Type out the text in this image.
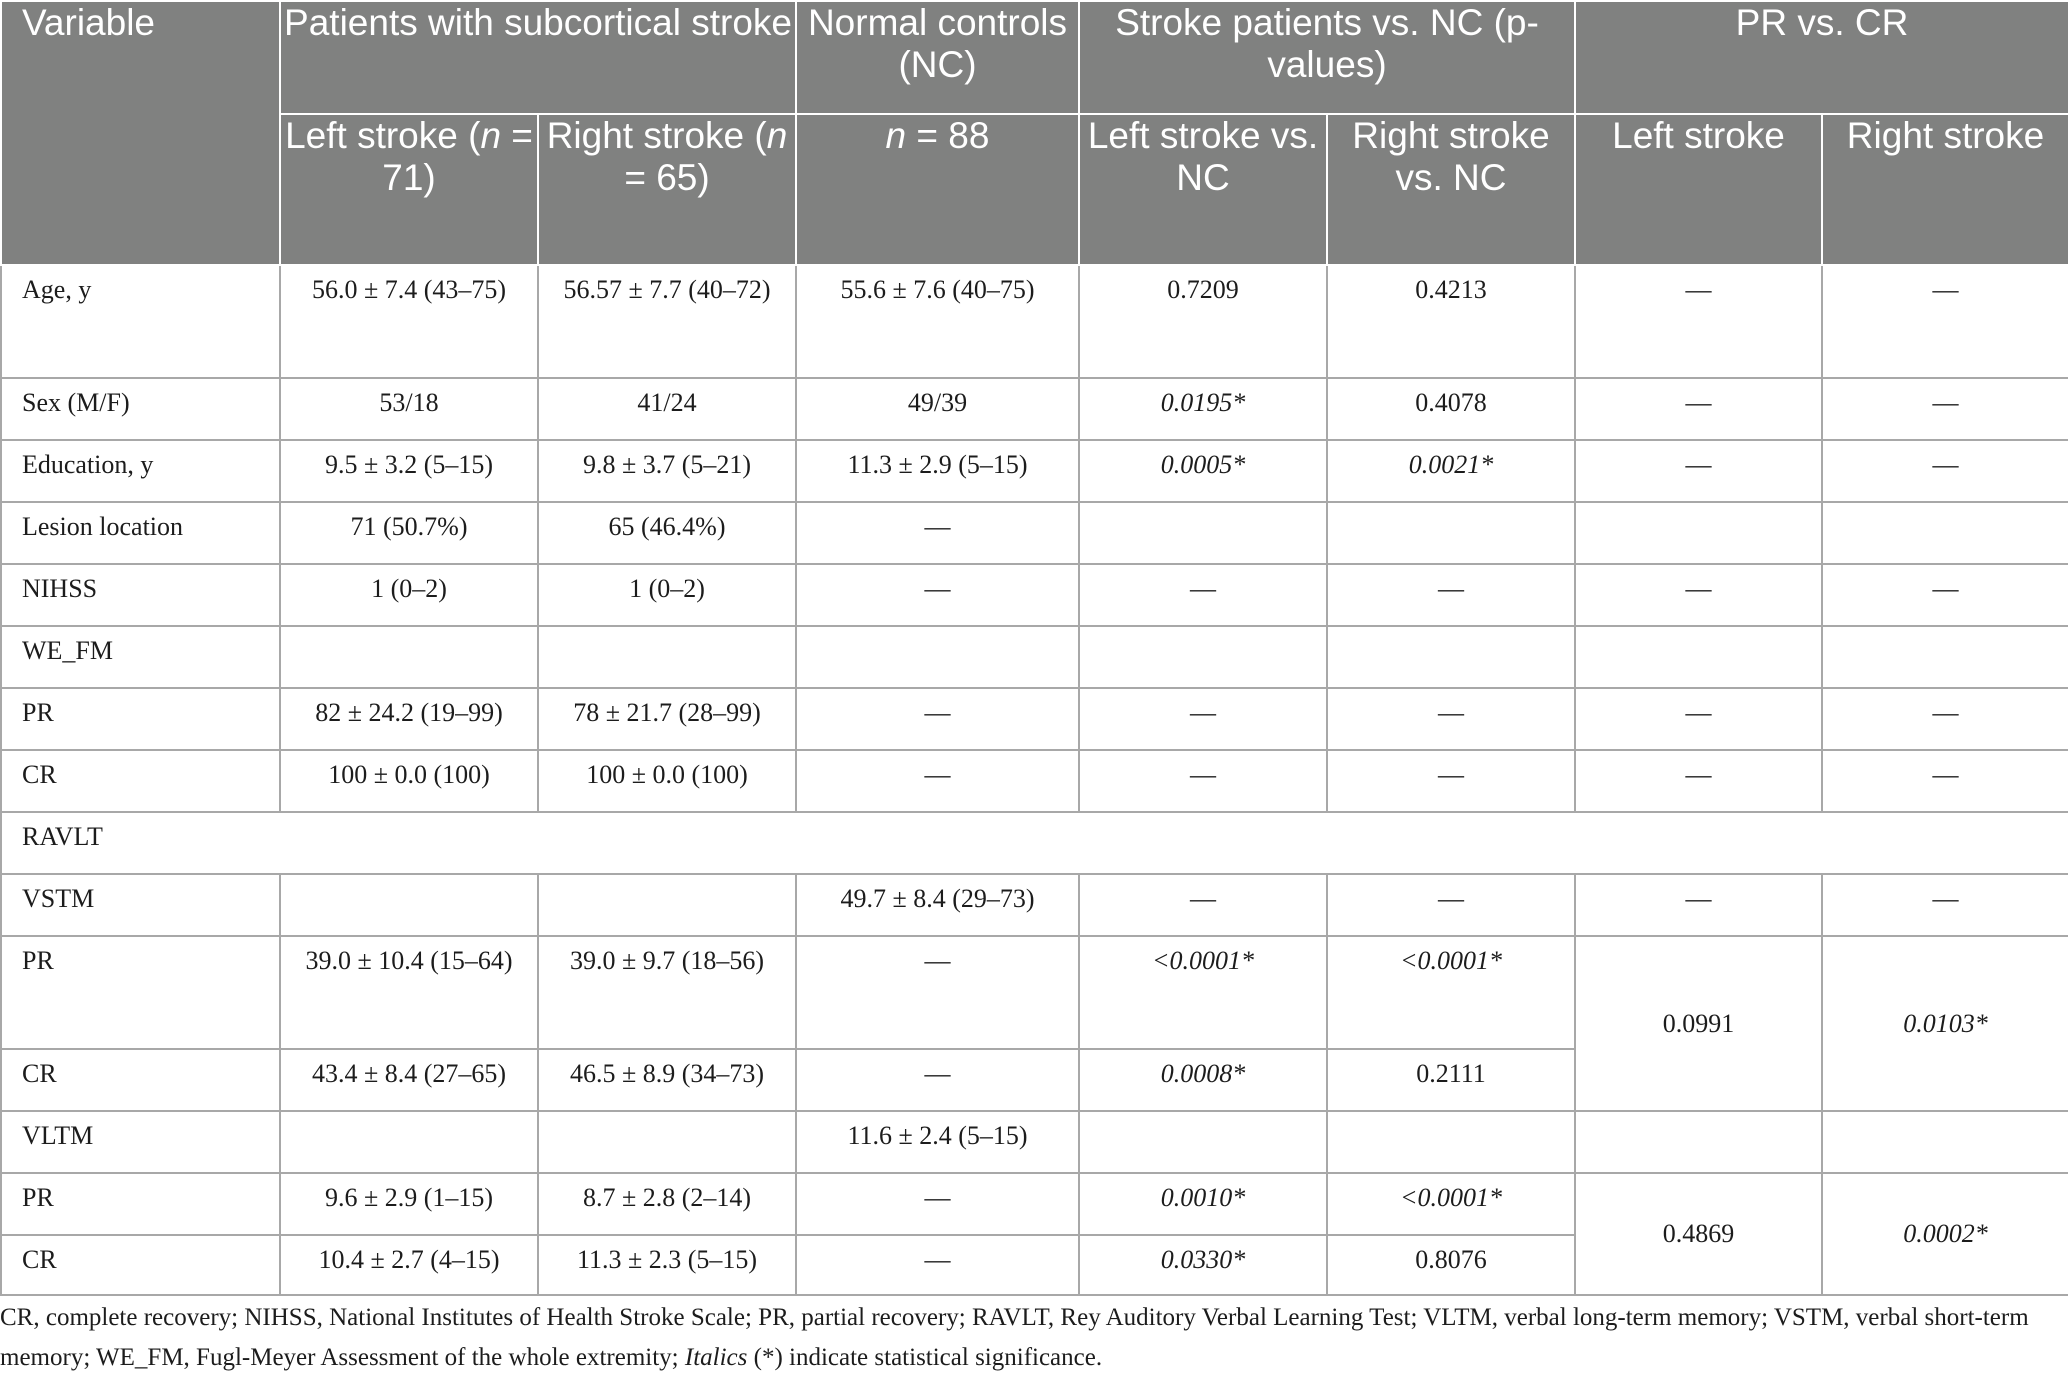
Variable	Patients with subcortical stroke		Normal controls (NC)	Stroke patients vs. NC (p-values)		PR vs. CR	
	Left stroke (n = 71)	Right stroke (n = 65)	n = 88	Left stroke vs. NC	Right stroke vs. NC	Left stroke	Right stroke
Age, y	56.0 ± 7.4 (43–75)	56.57 ± 7.7 (40–72)	55.6 ± 7.6 (40–75)	0.7209	0.4213	—	—
Sex (M/F)	53/18	41/24	49/39	0.0195*	0.4078	—	—
Education, y	9.5 ± 3.2 (5–15)	9.8 ± 3.7 (5–21)	11.3 ± 2.9 (5–15)	0.0005*	0.0021*	—	—
Lesion location	71 (50.7%)	65 (46.4%)	—				
NIHSS	1 (0–2)	1 (0–2)	—	—	—	—	—
WE_FM							
PR	82 ± 24.2 (19–99)	78 ± 21.7 (28–99)	—	—	—	—	—
CR	100 ± 0.0 (100)	100 ± 0.0 (100)	—	—	—	—	—
RAVLT							
VSTM			49.7 ± 8.4 (29–73)	—	—	—	—
PR	39.0 ± 10.4 (15–64)	39.0 ± 9.7 (18–56)	—	<0.0001*	<0.0001*	0.0991	0.0103*
CR	43.4 ± 8.4 (27–65)	46.5 ± 8.9 (34–73)	—	0.0008*	0.2111		
VLTM			11.6 ± 2.4 (5–15)				
PR	9.6 ± 2.9 (1–15)	8.7 ± 2.8 (2–14)	—	0.0010*	<0.0001*	0.4869	0.0002*
CR	10.4 ± 2.7 (4–15)	11.3 ± 2.3 (5–15)	—	0.0330*	0.8076		
CR, complete recovery; NIHSS, National Institutes of Health Stroke Scale; PR, partial recovery; RAVLT, Rey Auditory Verbal Learning Test; VLTM, verbal long-term memory; VSTM, verbal short-term memory; WE_FM, Fugl-Meyer Assessment of the whole extremity; Italics (*) indicate statistical significance.
